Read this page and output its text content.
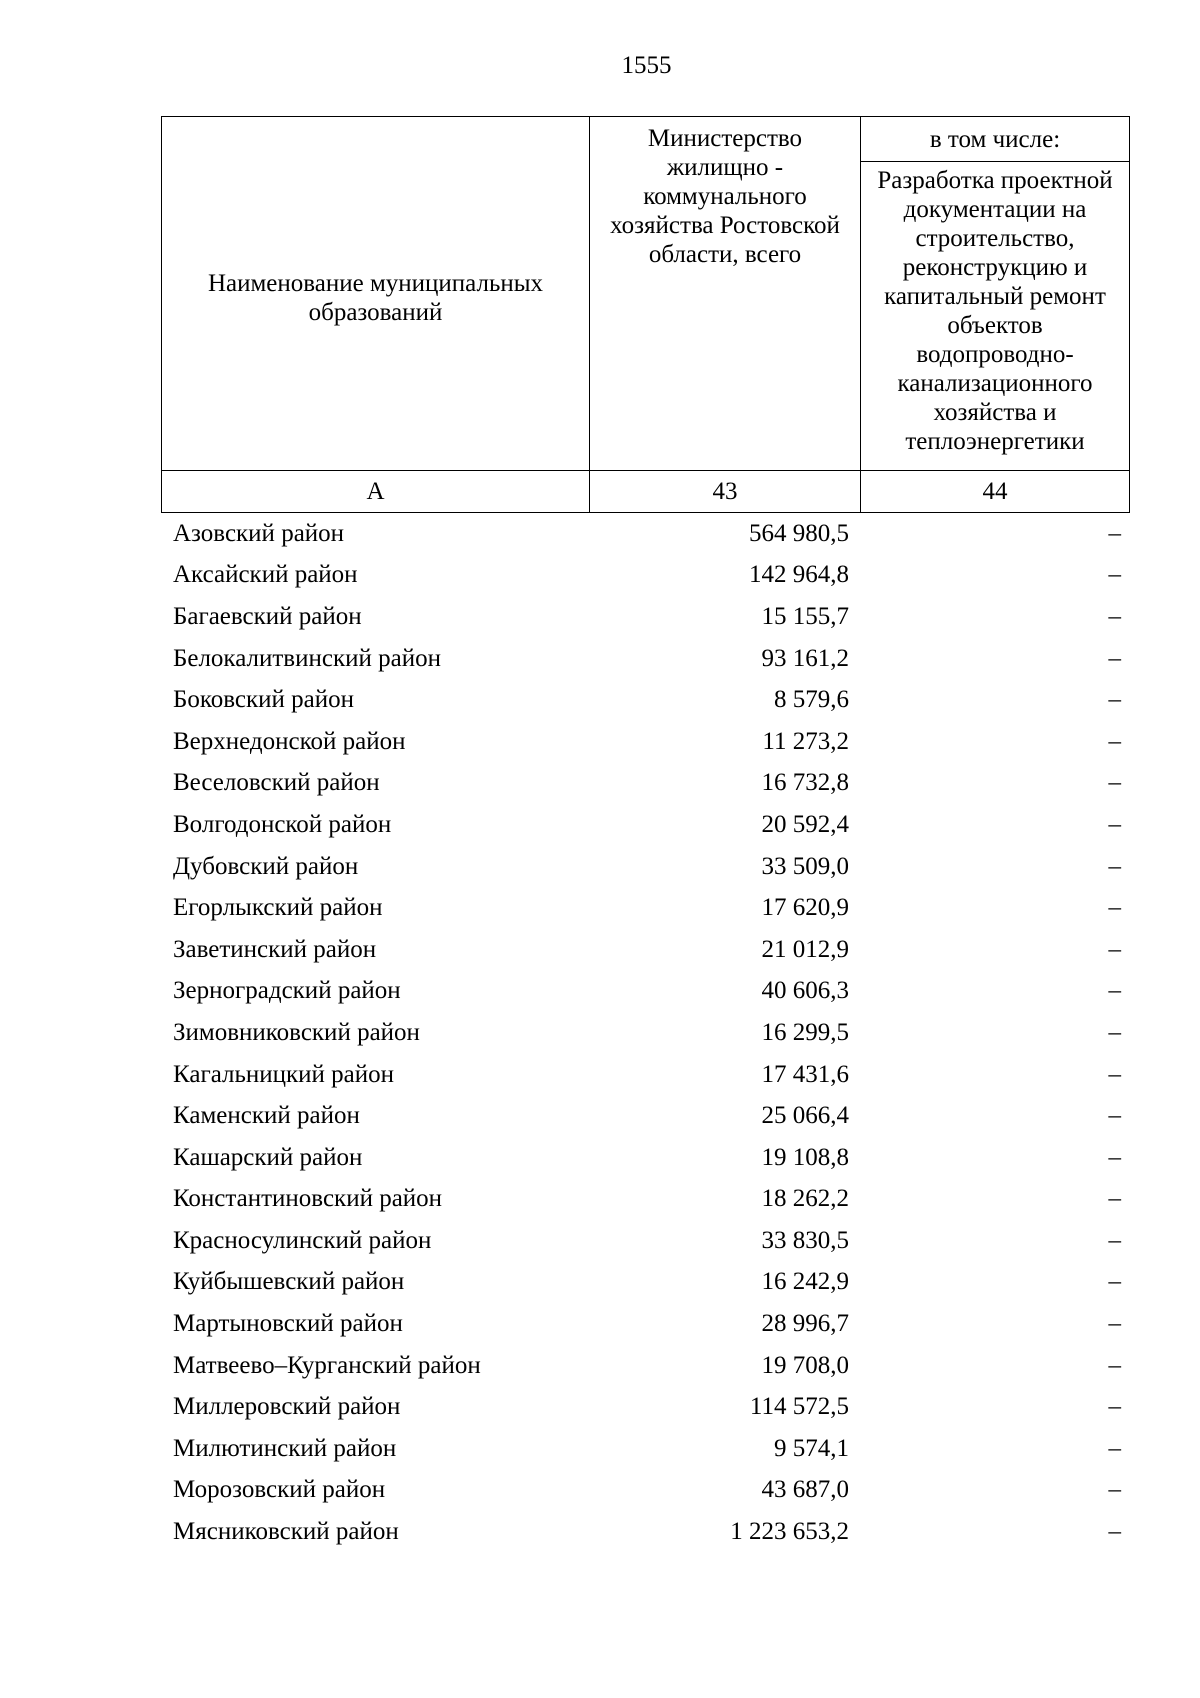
1555
Наименование муниципальных образований	Министерство жилищно - коммунального хозяйства Ростовской области, всего	в том числе:
		Разработка проектной документации на строительство, реконструкцию и капитальный ремонт объектов водопроводно-канализационного хозяйства и теплоэнергетики
А	43	44
Азовский район	564 980,5	–
Аксайский район	142 964,8	–
Багаевский район	15 155,7	–
Белокалитвинский район	93 161,2	–
Боковский район	8 579,6	–
Верхнедонской район	11 273,2	–
Веселовский район	16 732,8	–
Волгодонской район	20 592,4	–
Дубовский район	33 509,0	–
Егорлыкский район	17 620,9	–
Заветинский район	21 012,9	–
Зерноградский район	40 606,3	–
Зимовниковский район	16 299,5	–
Кагальницкий район	17 431,6	–
Каменский район	25 066,4	–
Кашарский район	19 108,8	–
Константиновский район	18 262,2	–
Красносулинский район	33 830,5	–
Куйбышевский район	16 242,9	–
Мартыновский район	28 996,7	–
Матвеево–Курганский район	19 708,0	–
Миллеровский район	114 572,5	–
Милютинский район	9 574,1	–
Морозовский район	43 687,0	–
Мясниковский район	1 223 653,2	–
